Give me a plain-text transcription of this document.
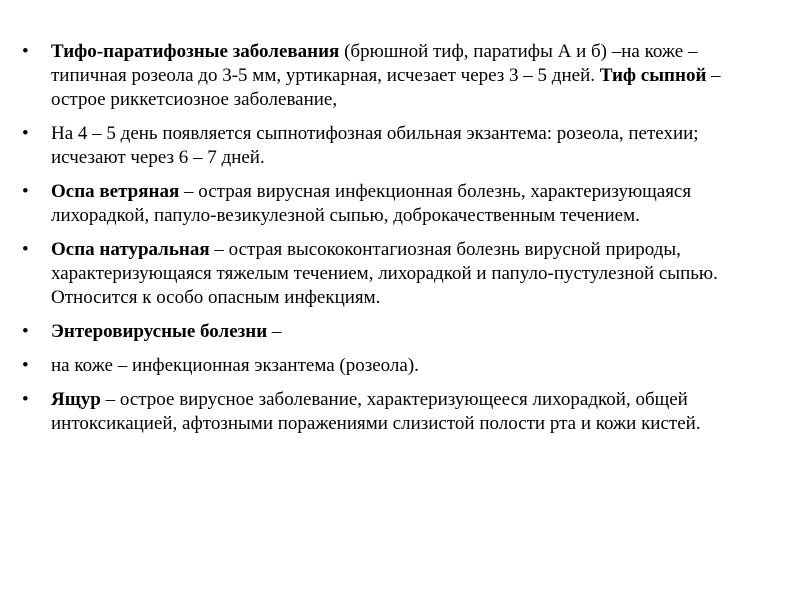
• Тифо-паратифозные заболевания (брюшной тиф, паратифы А и б) –на коже – типичная розеола до 3-5 мм, уртикарная, исчезает через 3 – 5 дней. Тиф сыпной – острое риккетсиозное заболевание,
• На 4 – 5 день появляется сыпнотифозная обильная экзантема: розеола, петехии; исчезают через 6 – 7 дней.
• Оспа ветряная – острая вирусная инфекционная болезнь, характеризующаяся лихорадкой, папуло-везикулезной сыпью, доброкачественным течением.
• Оспа натуральная – острая высококонтагиозная болезнь вирусной природы, характеризующаяся тяжелым течением, лихорадкой и папуло-пустулезной сыпью. Относится к особо опасным инфекциям.
• Энтеровирусные болезни –
• на коже – инфекционная экзантема (розеола).
• Ящур – острое вирусное заболевание, характеризующееся лихорадкой, общей интоксикацией, афтозными поражениями слизистой полости рта и кожи кистей.
